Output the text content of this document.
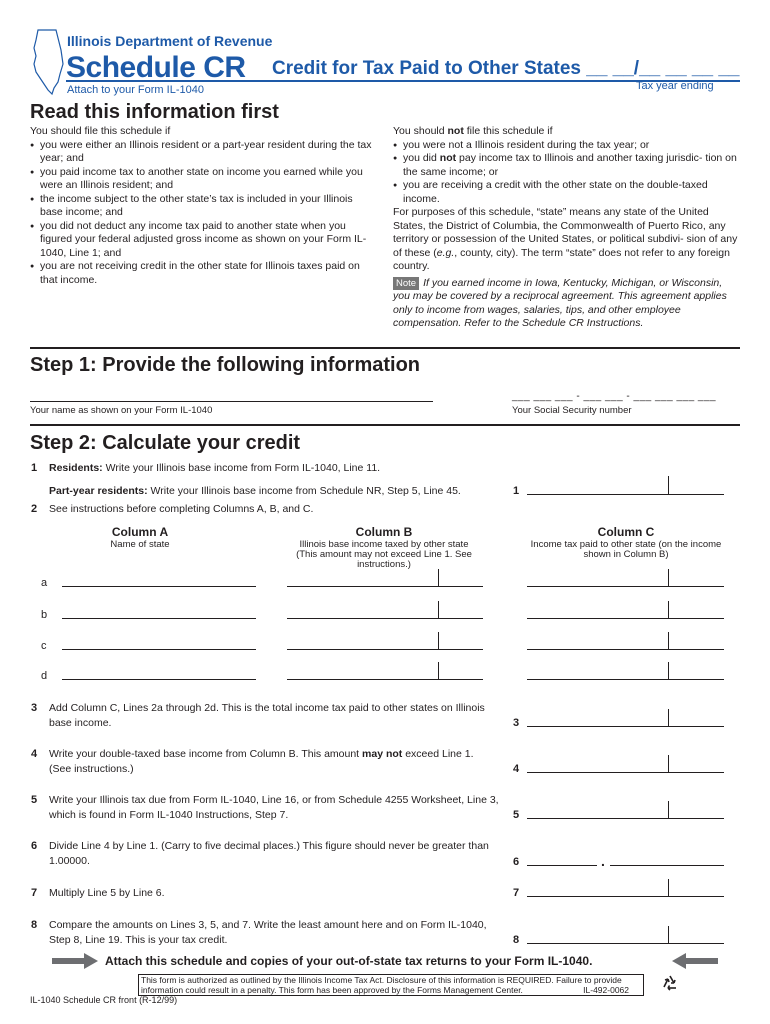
Illinois Department of Revenue
Schedule CR Credit for Tax Paid to Other States __ __/__ __ __ __
Attach to your Form IL-1040	Tax year ending
Read this information first
You should file this schedule if
● you were either an Illinois resident or a part-year resident during the tax year; and
● you paid income tax to another state on income you earned while you were an Illinois resident; and
● the income subject to the other state’s tax is included in your Illinois base income; and
● you did not deduct any income tax paid to another state when you figured your federal adjusted gross income as shown on your Form IL-1040, Line 1; and
● you are not receiving credit in the other state for Illinois taxes paid on that income.
You should not file this schedule if
● you were not a Illinois resident during the tax year; or
● you did not pay income tax to Illinois and another taxing jurisdic- tion on the same income; or
● you are receiving a credit with the other state on the double-taxed income.
For purposes of this schedule, “state” means any state of the United States, the District of Columbia, the Commonwealth of Puerto Rico, any territory or possession of the United States, or political subdivi- sion of any of these (e.g., county, city). The term “state” does not refer to any foreign country.
Note If you earned income in Iowa, Kentucky, Michigan, or Wisconsin, you may be covered by a reciprocal agreement. This agreement applies only to income from wages, salaries, tips, and other employee compensation. Refer to the Schedule CR Instructions.
Step 1: Provide the following information
Your name as shown on your Form IL-1040
___ ___ ___ - ___ ___ - ___ ___ ___ ___
Your Social Security number
Step 2: Calculate your credit
1 Residents: Write your Illinois base income from Form IL-1040, Line 11.
Part-year residents: Write your Illinois base income from Schedule NR, Step 5, Line 45.	1
2 See instructions before completing Columns A, B, and C.
Column A
Name of state
Column B
Illinois base income taxed by other state (This amount may not exceed Line 1. See instructions.)
Column C
Income tax paid to other state (on the income shown in Column B)
a
b
c
d
3 Add Column C, Lines 2a through 2d. This is the total income tax paid to other states on Illinois base income.	3
4 Write your double-taxed base income from Column B. This amount may not exceed Line 1. (See instructions.)	4
5 Write your Illinois tax due from Form IL-1040, Line 16, or from Schedule 4255 Worksheet, Line 3, which is found in Form IL-1040 Instructions, Step 7.	5
6 Divide Line 4 by Line 1. (Carry to five decimal places.) This figure should never be greater than 1.00000.	6	.
7 Multiply Line 5 by Line 6.	7
8 Compare the amounts on Lines 3, 5, and 7. Write the least amount here and on Form IL-1040, Step 8, Line 19. This is your tax credit.	8
Attach this schedule and copies of your out-of-state tax returns to your Form IL-1040.
This form is authorized as outlined by the Illinois Income Tax Act. Disclosure of this information is REQUIRED. Failure to provide information could result in a penalty. This form has been approved by the Forms Management Center.	IL-492-0062
IL-1040 Schedule CR front (R-12/99)
